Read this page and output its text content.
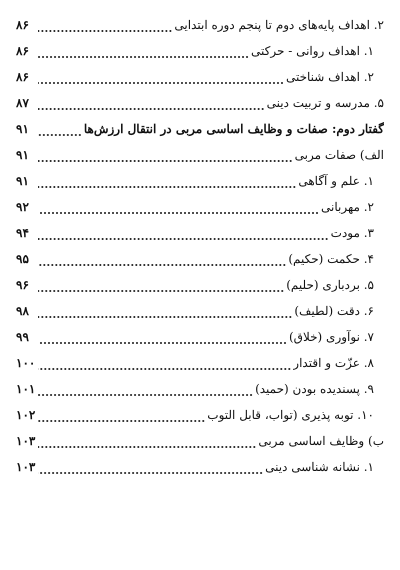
۲. اهداف پایه‌های دوم تا پنجم دوره ابتدایی
۸۶
۱. اهداف روانی - حرکتی
۸۶
۲. اهداف شناختی
۸۶
۵. مدرسه و تربیت دینی
۸۷
گفتار دوم: صفات و وظایف اساسی مربی در انتقال ارزش‌ها
۹۱
الف) صفات مربی
۹۱
۱. علم و آگاهی
۹۱
۲. مهربانی
۹۲
۳. مودت
۹۴
۴. حکمت (حکیم)
۹۵
۵. بردباری (حلیم)
۹۶
۶. دقت (لطیف)
۹۸
۷. نوآوری (خلاق)
۹۹
۸. عزّت و اقتدار
۱۰۰
۹. پسندیده بودن (حمید)
۱۰۱
۱۰. توبه پذیری (تواب، قابل التوب
۱۰۲
ب) وظایف اساسی مربی
۱۰۳
۱. نشانه شناسی دینی
۱۰۳
